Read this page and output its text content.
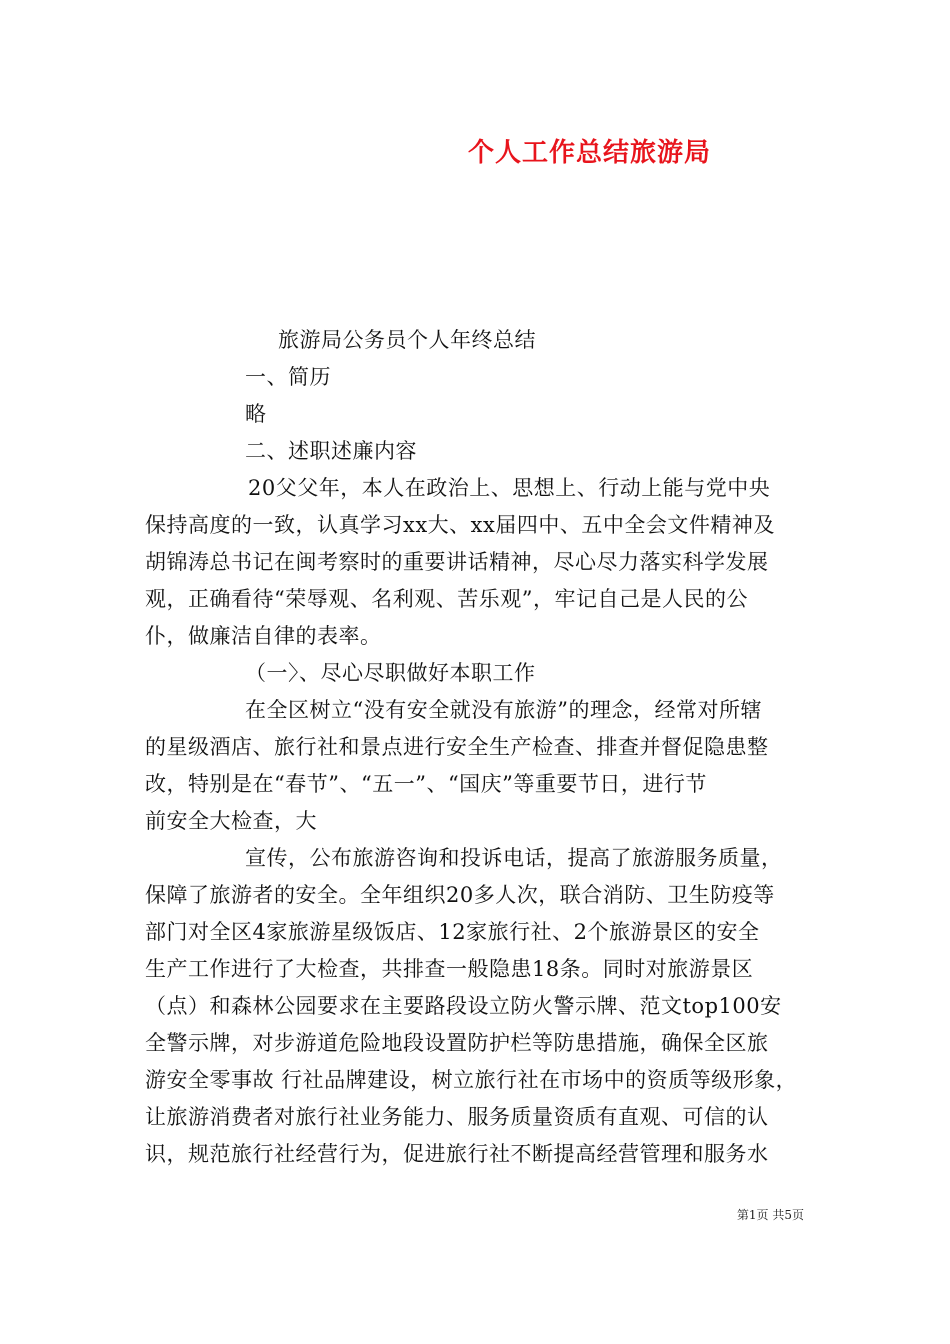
个人工作总结旅游局
旅游局公务员个人年终总结
一、简历
略
二、述职述廉内容
20父父年，本人在政治上、思想上、行动上能与党中央
保持高度的一致，认真学习xx大、xx届四中、五中全会文件精神及
胡锦涛总书记在闽考察时的重要讲话精神，尽心尽力落实科学发展
观，正确看待“荣辱观、名利观、苦乐观”，牢记自己是人民的公
仆，做廉洁自律的表率。
（一〉、尽心尽职做好本职工作
在全区树立“没有安全就没有旅游”的理念，经常对所辖
的星级酒店、旅行社和景点进行安全生产检查、排查并督促隐患整
改，特别是在“春节”、“五一”、“国庆”等重要节日，进行节
前安全大检查，大
宣传，公布旅游咨询和投诉电话，提高了旅游服务质量，
保障了旅游者的安全。全年组织20多人次，联合消防、卫生防疫等
部门对全区4家旅游星级饭店、12家旅行社、2个旅游景区的安全
生产工作进行了大检查，共排查一般隐患18条。同时对旅游景区
（点）和森林公园要求在主要路段设立防火警示牌、范文top100安
全警示牌，对步游道危险地段设置防护栏等防患措施，确保全区旅
游安全零事故 行社品牌建设，树立旅行社在市场中的资质等级形象，
让旅游消费者对旅行社业务能力、服务质量资质有直观、可信的认
识，规范旅行社经营行为，促进旅行社不断提高经营管理和服务水
第1页 共5页
